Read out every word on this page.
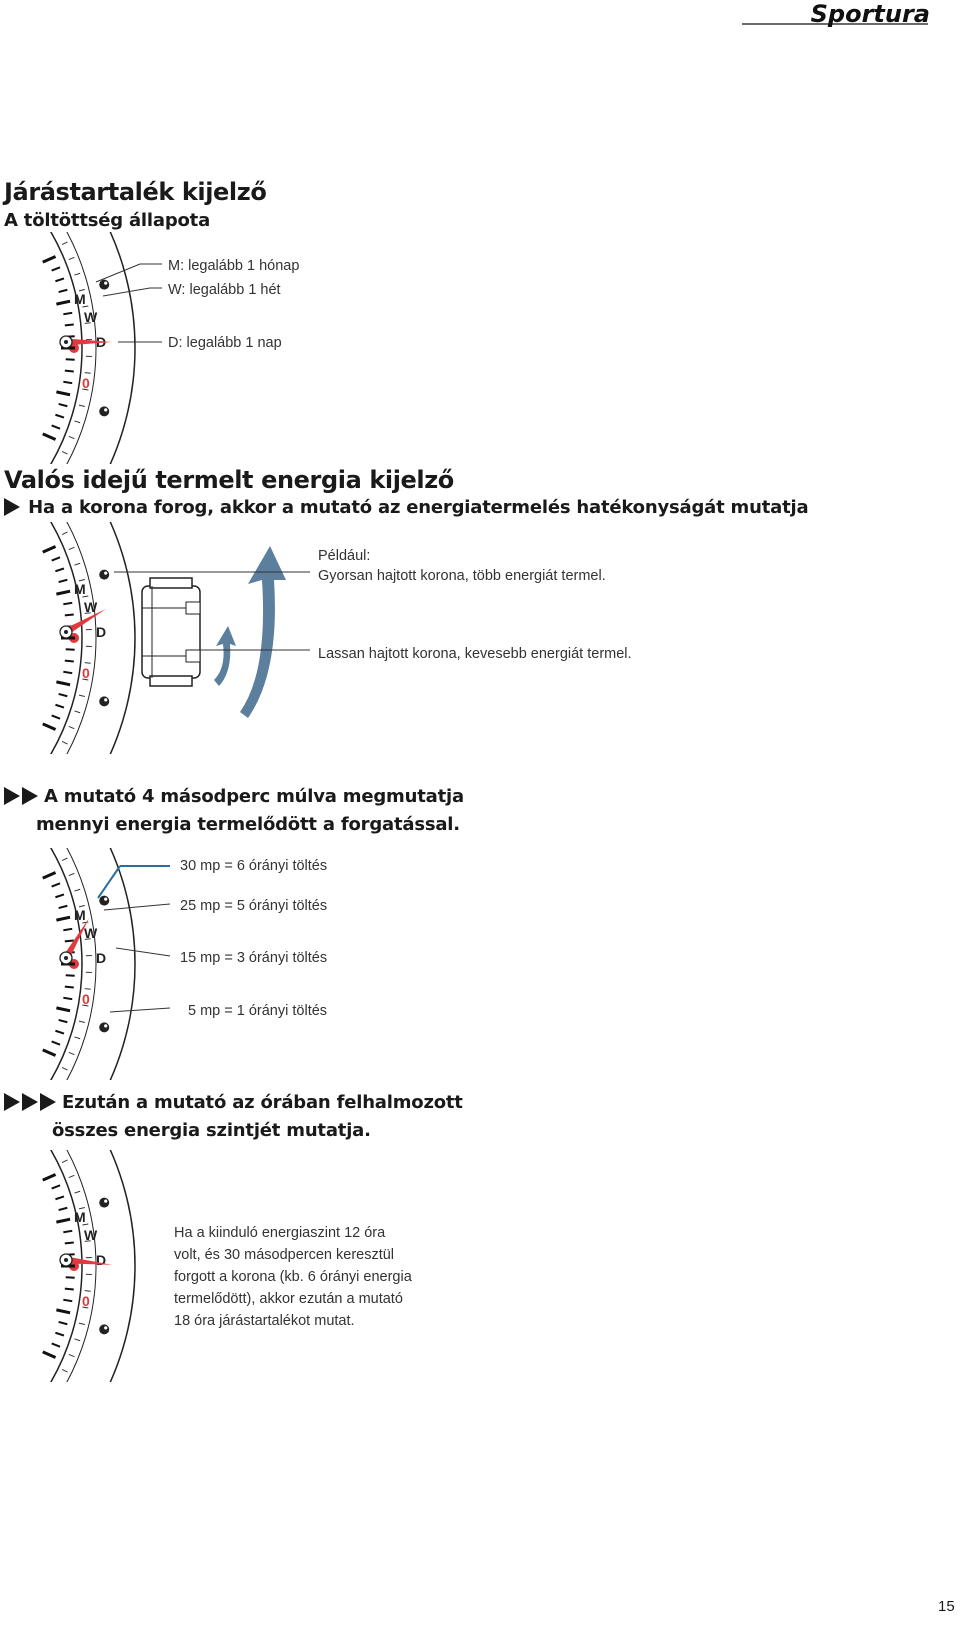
Sportura
Járástartalék kijelző
A töltöttség állapota
M
W
0
M: legalább 1 hónap
W: legalább 1 hét
D: legalább 1 nap
Valós idejű termelt energia kijelző
Ha a korona forog, akkor a mutató az energiatermelés hatékonyságát mutatja
M
W
D
0
Például:
Gyorsan hajtott korona, több energiát termel.
Lassan hajtott korona, kevesebb energiát termel.
A mutató 4 másodperc múlva megmutatja
mennyi energia termelődött a forgatással.
M
W
D
0
30 mp = 6 órányi töltés
25 mp = 5 órányi töltés
15 mp = 3 órányi töltés
5 mp = 1 órányi töltés
Ezután a mutató az órában felhalmozott
összes energia szintjét mutatja.
M
W
D
0
Ha a kiinduló energiaszint 12 óra
volt, és 30 másodpercen keresztül
forgott a korona (kb. 6 órányi energia
termelődött), akkor ezután a mutató
18 óra járástartalékot mutat.
15
